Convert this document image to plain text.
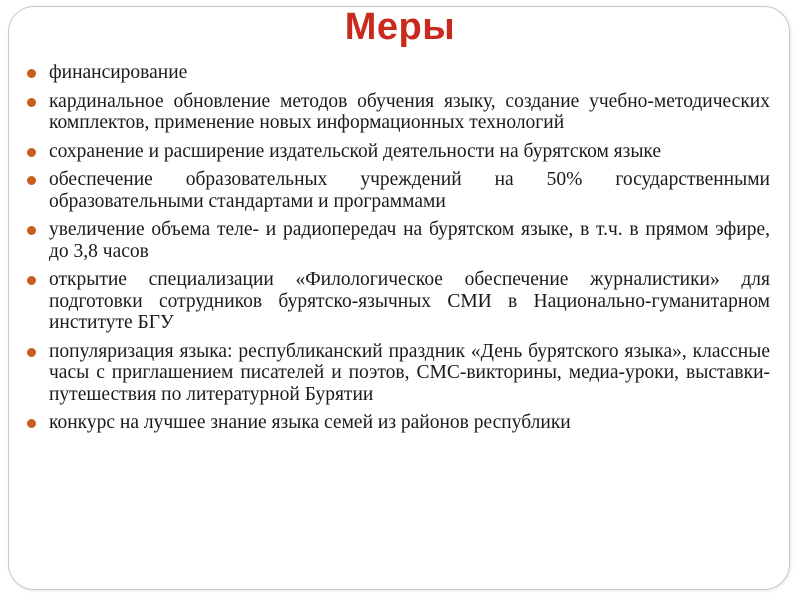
Меры
финансирование
кардинальное обновление методов обучения языку, создание учебно-методических комплектов, применение новых информационных технологий
сохранение и расширение издательской деятельности на бурятском языке
обеспечение образовательных учреждений на 50% государственными образовательными стандартами и программами
увеличение объема теле- и радиопередач на бурятском языке, в т.ч. в прямом эфире, до 3,8 часов
открытие специализации «Филологическое обеспечение журналистики» для подготовки сотрудников бурятско-язычных СМИ в Национально-гуманитарном институте БГУ
популяризация языка: республиканский праздник «День бурятского языка», классные часы с приглашением писателей и поэтов, СМС-викторины, медиа-уроки, выставки-путешествия по литературной Бурятии
конкурс на лучшее знание языка семей из районов республики
